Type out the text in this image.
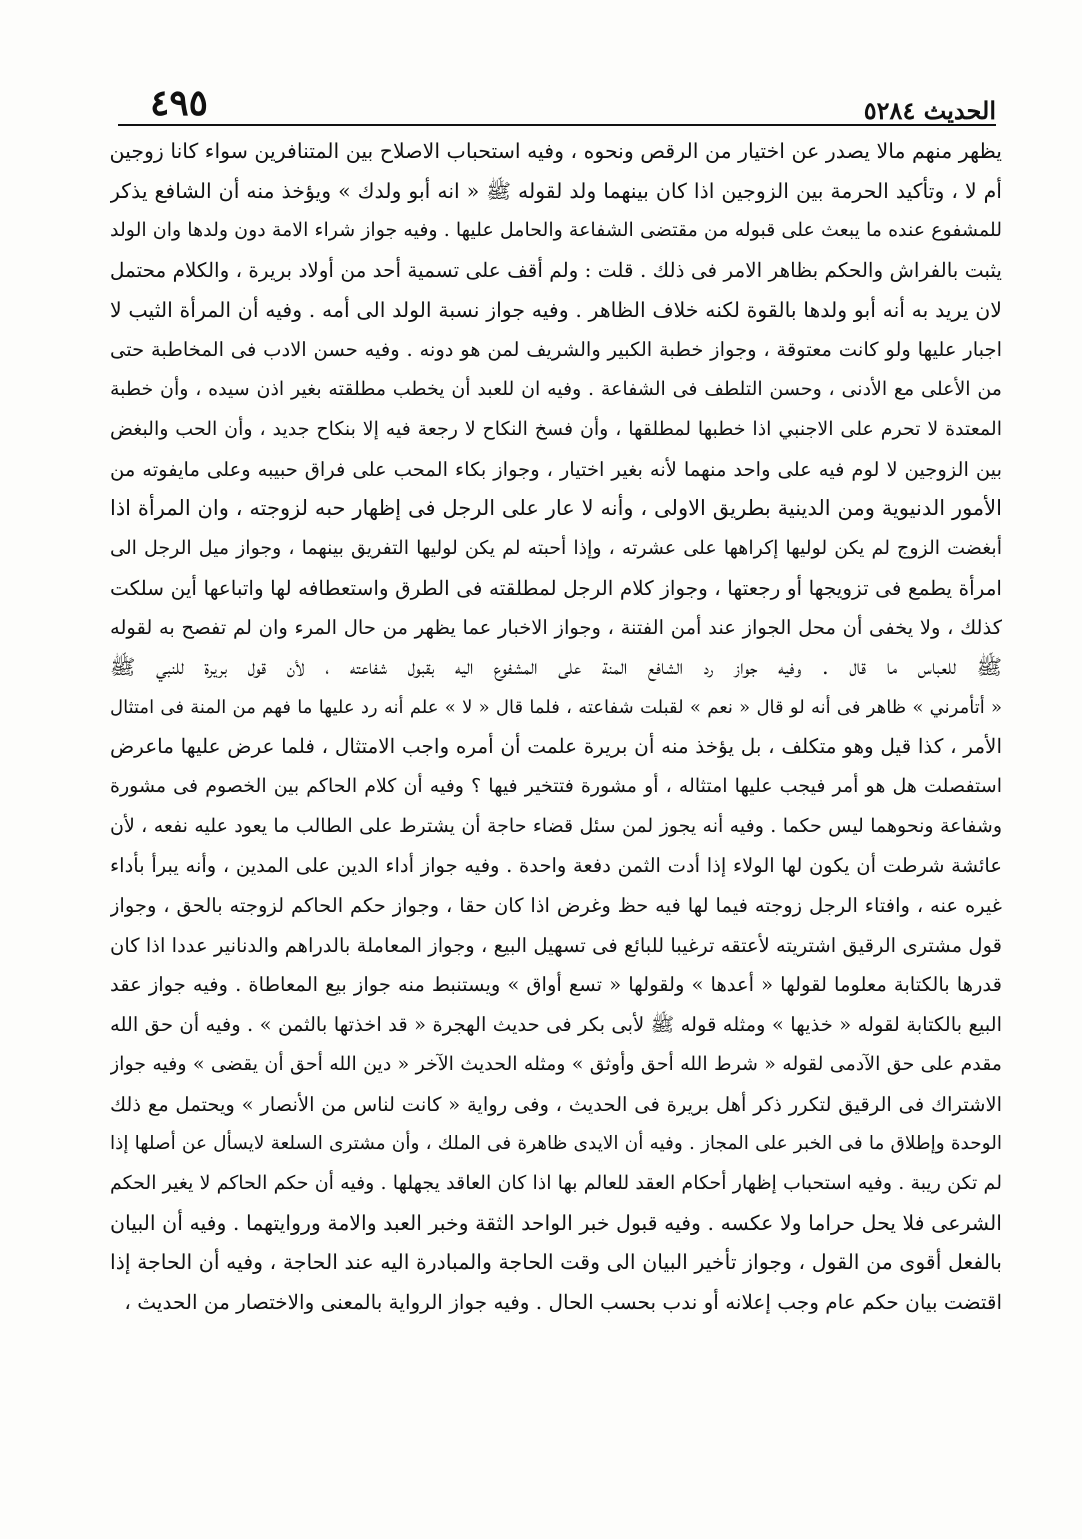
الحديث ٥٢٨٤
٤٩٥
يظهر منهم مالا يصدر عن اختيار من الرقص ونحوه ، وفيه استحباب الاصلاح بين المتنافرين سواء كانا زوجين
أم لا ، وتأكيد الحرمة بين الزوجين اذا كان بينهما ولد لقوله ﷺ « انه أبو ولدك » ويؤخذ منه أن الشافع يذكر
للمشفوع عنده ما يبعث على قبوله من مقتضى الشفاعة والحامل عليها . وفيه جواز شراء الامة دون ولدها وان الولد
يثبت بالفراش والحكم بظاهر الامر فى ذلك . قلت : ولم أقف على تسمية أحد من أولاد بريرة ، والكلام محتمل
لان يريد به أنه أبو ولدها بالقوة لكنه خلاف الظاهر . وفيه جواز نسبة الولد الى أمه . وفيه أن المرأة الثيب لا
اجبار عليها ولو كانت معتوقة ، وجواز خطبة الكبير والشريف لمن هو دونه . وفيه حسن الادب فى المخاطبة حتى
من الأعلى مع الأدنى ، وحسن التلطف فى الشفاعة . وفيه ان للعبد أن يخطب مطلقته بغير اذن سيده ، وأن خطبة
المعتدة لا تحرم على الاجنبي اذا خطبها لمطلقها ، وأن فسخ النكاح لا رجعة فيه إلا بنكاح جديد ، وأن الحب والبغض
بين الزوجين لا لوم فيه على واحد منهما لأنه بغير اختيار ، وجواز بكاء المحب على فراق حبيبه وعلى مايفوته من
الأمور الدنيوية ومن الدينية بطريق الاولى ، وأنه لا عار على الرجل فى إظهار حبه لزوجته ، وان المرأة اذا
أبغضت الزوج لم يكن لوليها إكراهها على عشرته ، وإذا أحبته لم يكن لوليها التفريق بينهما ، وجواز ميل الرجل الى
امرأة يطمع فى تزويجها أو رجعتها ، وجواز كلام الرجل لمطلقته فى الطرق واستعطافه لها واتباعها أين سلكت
كذلك ، ولا يخفى أن محل الجواز عند أمن الفتنة ، وجواز الاخبار عما يظهر من حال المرء وان لم تفصح به لقوله
ﷺ للعباس ما قال . وفيه جواز رد الشافع المنة على المشفوع اليه بقبول شفاعته ، لأن قول بريرة للنبي ﷺ
« أتأمرني » ظاهر فى أنه لو قال « نعم » لقبلت شفاعته ، فلما قال « لا » علم أنه رد عليها ما فهم من المنة فى امتثال
الأمر ، كذا قيل وهو متكلف ، بل يؤخذ منه أن بريرة علمت أن أمره واجب الامتثال ، فلما عرض عليها ماعرض
استفصلت هل هو أمر فيجب عليها امتثاله ، أو مشورة فتتخير فيها ؟ وفيه أن كلام الحاكم بين الخصوم فى مشورة
وشفاعة ونحوهما ليس حكما . وفيه أنه يجوز لمن سئل قضاء حاجة أن يشترط على الطالب ما يعود عليه نفعه ، لأن
عائشة شرطت أن يكون لها الولاء إذا أدت الثمن دفعة واحدة . وفيه جواز أداء الدين على المدين ، وأنه يبرأ بأداء
غيره عنه ، وافتاء الرجل زوجته فيما لها فيه حظ وغرض اذا كان حقا ، وجواز حكم الحاكم لزوجته بالحق ، وجواز
قول مشترى الرقيق اشتريته لأعتقه ترغيبا للبائع فى تسهيل البيع ، وجواز المعاملة بالدراهم والدنانير عددا اذا كان
قدرها بالكتابة معلوما لقولها « أعدها » ولقولها « تسع أواق » ويستنبط منه جواز بيع المعاطاة . وفيه جواز عقد
البيع بالكتابة لقوله « خذيها » ومثله قوله ﷺ لأبى بكر فى حديث الهجرة « قد اخذتها بالثمن » . وفيه أن حق الله
مقدم على حق الآدمى لقوله « شرط الله أحق وأوثق » ومثله الحديث الآخر « دين الله أحق أن يقضى » وفيه جواز
الاشتراك فى الرقيق لتكرر ذكر أهل بريرة فى الحديث ، وفى رواية « كانت لناس من الأنصار » ويحتمل مع ذلك
الوحدة وإطلاق ما فى الخبر على المجاز . وفيه أن الايدى ظاهرة فى الملك ، وأن مشترى السلعة لايسأل عن أصلها إذا
لم تكن ريبة . وفيه استحباب إظهار أحكام العقد للعالم بها اذا كان العاقد يجهلها . وفيه أن حكم الحاكم لا يغير الحكم
الشرعى فلا يحل حراما ولا عكسه . وفيه قبول خبر الواحد الثقة وخبر العبد والامة وروايتهما . وفيه أن البيان
بالفعل أقوى من القول ، وجواز تأخير البيان الى وقت الحاجة والمبادرة اليه عند الحاجة ، وفيه أن الحاجة إذا
اقتضت بيان حكم عام وجب إعلانه أو ندب بحسب الحال . وفيه جواز الرواية بالمعنى والاختصار من الحديث ،
